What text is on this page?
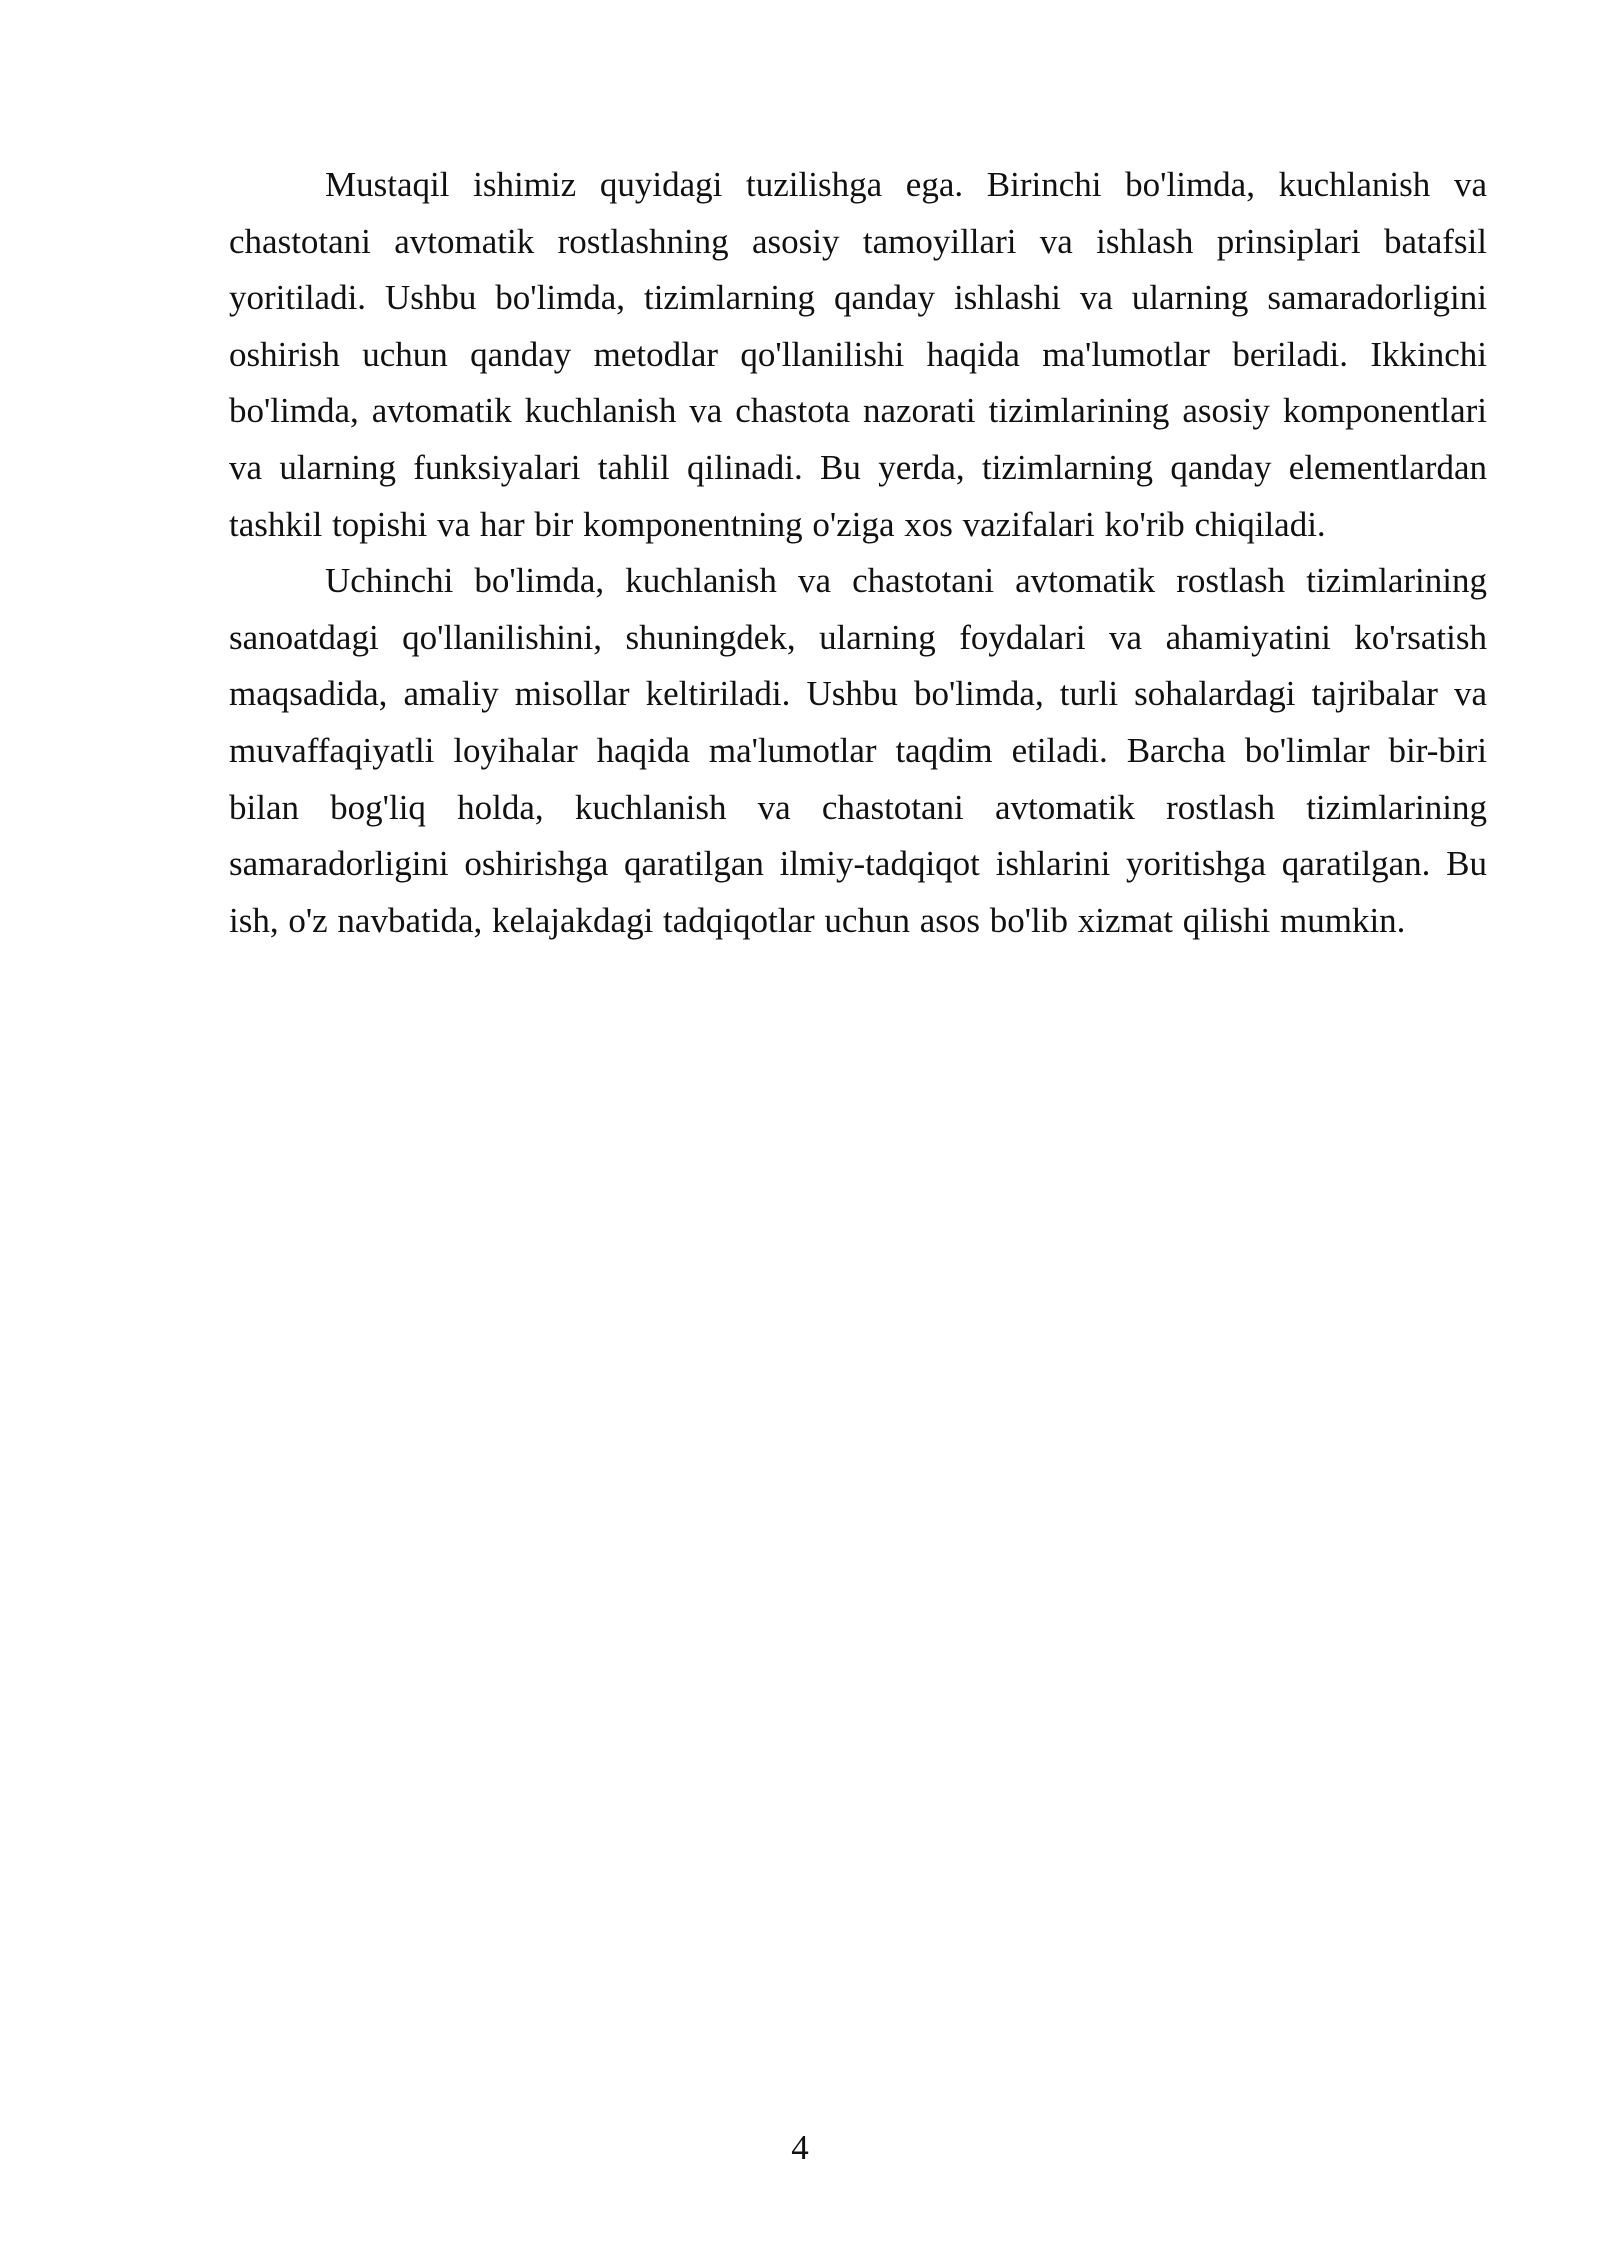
Mustaqil ishimiz quyidagi tuzilishga ega. Birinchi bo'limda, kuchlanish va chastotani avtomatik rostlashning asosiy tamoyillari va ishlash prinsiplari batafsil yoritiladi. Ushbu bo'limda, tizimlarning qanday ishlashi va ularning samaradorligini oshirish uchun qanday metodlar qo'llanilishi haqida ma'lumotlar beriladi. Ikkinchi bo'limda, avtomatik kuchlanish va chastota nazorati tizimlarining asosiy komponentlari va ularning funksiyalari tahlil qilinadi. Bu yerda, tizimlarning qanday elementlardan tashkil topishi va har bir komponentning o'ziga xos vazifalari ko'rib chiqiladi.

Uchinchi bo'limda, kuchlanish va chastotani avtomatik rostlash tizimlarining sanoatdagi qo'llanilishini, shuningdek, ularning foydalari va ahamiyatini ko'rsatish maqsadida, amaliy misollar keltiriladi. Ushbu bo'limda, turli sohalardagi tajribalar va muvaffaqiyatli loyihalar haqida ma'lumotlar taqdim etiladi. Barcha bo'limlar bir-biri bilan bog'liq holda, kuchlanish va chastotani avtomatik rostlash tizimlarining samaradorligini oshirishga qaratilgan ilmiy-tadqiqot ishlarini yoritishga qaratilgan. Bu ish, o'z navbatida, kelajakdagi tadqiqotlar uchun asos bo'lib xizmat qilishi mumkin.

4
